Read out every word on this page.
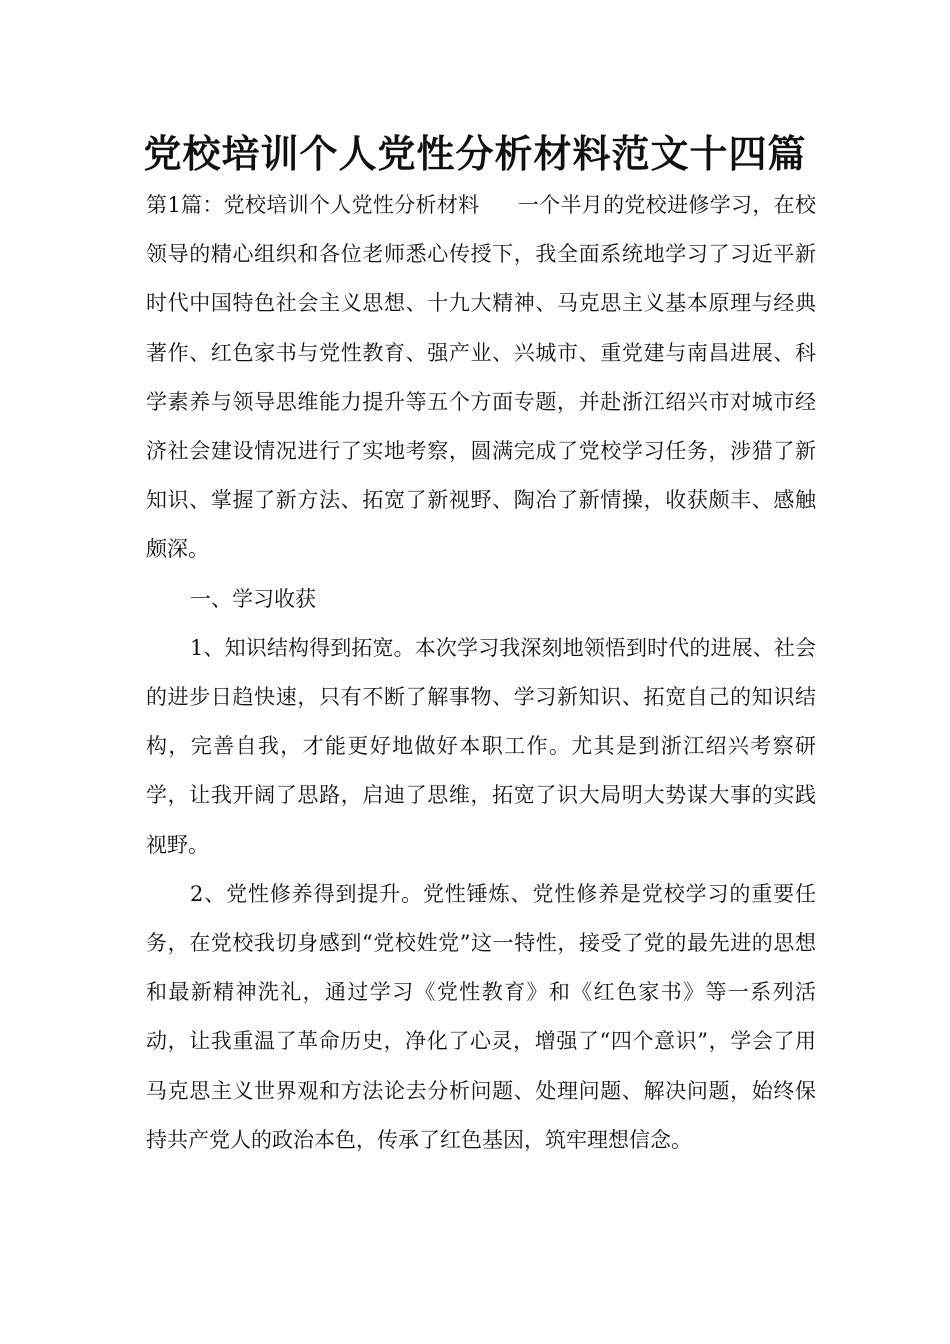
党校培训个人党性分析材料范文十四篇

第1篇：党校培训个人党性分析材料 一个半月的党校进修学习，在校领导的精心组织和各位老师悉心传授下，我全面系统地学习了习近平新时代中国特色社会主义思想、十九大精神、马克思主义基本原理与经典著作、红色家书与党性教育、强产业、兴城市、重党建与南昌进展、科学素养与领导思维能力提升等五个方面专题，并赴浙江绍兴市对城市经济社会建设情况进行了实地考察，圆满完成了党校学习任务，涉猎了新知识、掌握了新方法、拓宽了新视野、陶冶了新情操，收获颇丰、感触颇深。

一、学习收获

1、知识结构得到拓宽。本次学习我深刻地领悟到时代的进展、社会的进步日趋快速，只有不断了解事物、学习新知识、拓宽自己的知识结构，完善自我，才能更好地做好本职工作。尤其是到浙江绍兴考察研学，让我开阔了思路，启迪了思维，拓宽了识大局明大势谋大事的实践视野。

2、党性修养得到提升。党性锤炼、党性修养是党校学习的重要任务，在党校我切身感到“党校姓党”这一特性，接受了党的最先进的思想和最新精神洗礼，通过学习《党性教育》和《红色家书》等一系列活动，让我重温了革命历史，净化了心灵，增强了“四个意识”，学会了用马克思主义世界观和方法论去分析问题、处理问题、解决问题，始终保持共产党人的政治本色，传承了红色基因，筑牢理想信念。
